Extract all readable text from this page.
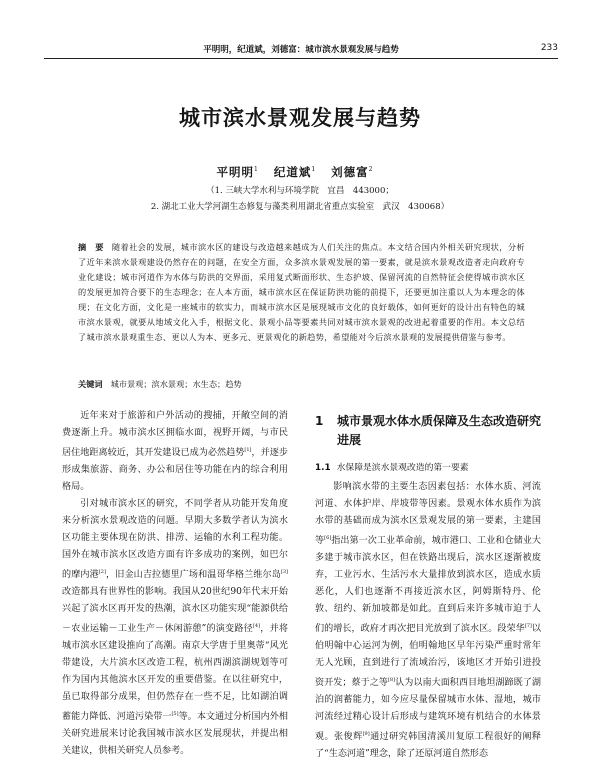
平明明，纪道斌，刘德富：城市滨水景观发展与趋势	233
城市滨水景观发展与趋势
平明明$^1$ 纪道斌$^1$ 刘德富$^2$
（1. 三峡大学水利与环境学院　宜昌　443000；
2. 湖北工业大学河湖生态修复与藻类利用湖北省重点实验室　武汉　430068）
摘　要 随着社会的发展，城市滨水区的建设与改造越来越成为人们关注的焦点。本文结合国内外相关研究现状，分析了近年来滨水景观建设仍然存在的问题，在安全方面，众多滨水景观发展的第一要素，就是滨水景观改造者走向政府专业化建设；城市河道作为水体与防洪的交界面，采用复式断面形状、生态护坡、保留河流的自然特征会使得城市滨水区的发展更加符合要下的生态理念；在人本方面，城市滨水区在保证防洪功能的前提下，还要更加注重以人为本理念的体现；在文化方面，文化是一座城市的软实力，而城市滨水区是展现城市文化的良好载体，如何更好的设计出有特色的城市滨水景观，就要从地域文化入手，根据文化、景观小品等要素共同对城市滨水景观的改进起着重要的作用。本文总结了城市滨水景观重生态、更以人为本、更多元、更景观化的新趋势，希望能对今后滨水景观的发展提供借鉴与参考。
关键词 城市景观；滨水景观；水生态；趋势

近年来对于旅游和户外活动的搜捕，开敞空间的消费逐渐上升。城市滨水区拥临水面，视野开阔，与市民居住地距离较近，其开发建设已成为必然趋势[1]，并逐步形成集旅游、商务、办公和居住等功能在内的综合利用格局。

引对城市滨水区的研究，不同学者从功能开发角度来分析滨水景观改造的问题。早期大多数学者认为滨水区功能主要体现在防洪、排涝、运输的水利工程功能。国外在城市滨水区改造方面有许多成功的案例，如巴尔的摩内港[2]，旧金山吉拉德里广场和温哥华格兰维尔岛[3]改造都具有世界性的影响。我国从20世纪90年代末开始兴起了滨水区再开发的热潮，滨水区功能实现“能源供给－农业运输－工业生产－休闲游憩”的演变路径[4]，并将城市滨水区建设推向了高潮。南京大学唐于里奥蒂“风光带建设，大片滨水区改造工程，杭州西湖滨湖规划等可作为国内其他滨水区开发的重要借鉴。在以往研究中，虽已取得部分成果，但仍然存在一些不足，比如湖泊调蓄能力降低、河道污染带一[5]等。本文通过分析国内外相关研究进展来讨论我国城市滨水区发展现状，并提出相关建议，供相关研究人员参考。

1 城市景观水体水质保障及生态改造研究进展
1.1 水保障是滨水景观改造的第一要素

影响滨水带的主要生态因素包括：水体水质、河流河道、水体护岸、岸坡带等因素。景观水体水质作为滨水带的基础而成为滨水区景观发展的第一要素，主建国等[6]指出第一次工业革命前，城市港口、工业和仓储业大多建于城市滨水区，但在铁路出现后，滨水区逐渐被废弃，工业污水、生活污水大量排放到滨水区，造成水质恶化，人们也逐渐不再接近滨水区，阿姆斯特丹、伦敦、纽约、新加坡都是如此。直到后来许多城市迫于人们的增长，政府才再次把目光放到了滨水区。段荣华[7]以伯明翰中心运河为例，伯明翰地区早年污染严重时常年无人光顾，直到进行了流域治污，该地区才开始引进投资开发；蔡于之等[8]认为以南大面积西目地坦湖蹄既了湖泊的润蓄能力，如今应尽量保留城市水体、湿地，城市河流经过精心设计后形成与建筑环境有机结合的水体景观。张俊辉[9]通过研究韩国清溪川复原工程很好的阐释了“生态河道”理念，除了还原河道自然形态
